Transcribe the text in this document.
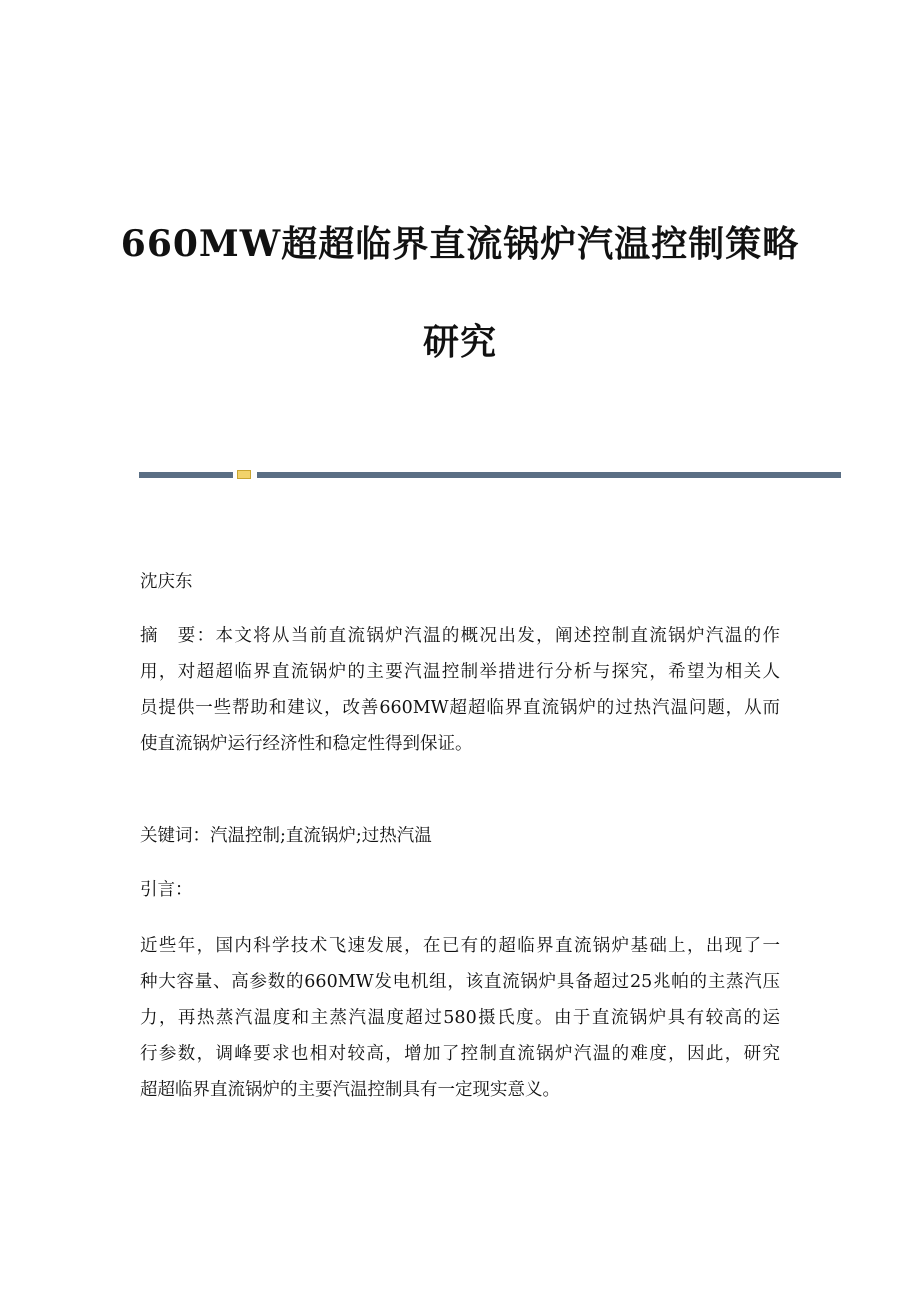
660MW超超临界直流锅炉汽温控制策略
研究
沈庆东
摘　要：本文将从当前直流锅炉汽温的概况出发，阐述控制直流锅炉汽温的作
用，对超超临界直流锅炉的主要汽温控制举措进行分析与探究，希望为相关人
员提供一些帮助和建议，改善660MW超超临界直流锅炉的过热汽温问题，从而
使直流锅炉运行经济性和稳定性得到保证。
关键词：汽温控制;直流锅炉;过热汽温
引言：
近些年，国内科学技术飞速发展，在已有的超临界直流锅炉基础上，出现了一
种大容量、高参数的660MW发电机组，该直流锅炉具备超过25兆帕的主蒸汽压
力，再热蒸汽温度和主蒸汽温度超过580摄氏度。由于直流锅炉具有较高的运
行参数，调峰要求也相对较高，增加了控制直流锅炉汽温的难度，因此，研究
超超临界直流锅炉的主要汽温控制具有一定现实意义。
